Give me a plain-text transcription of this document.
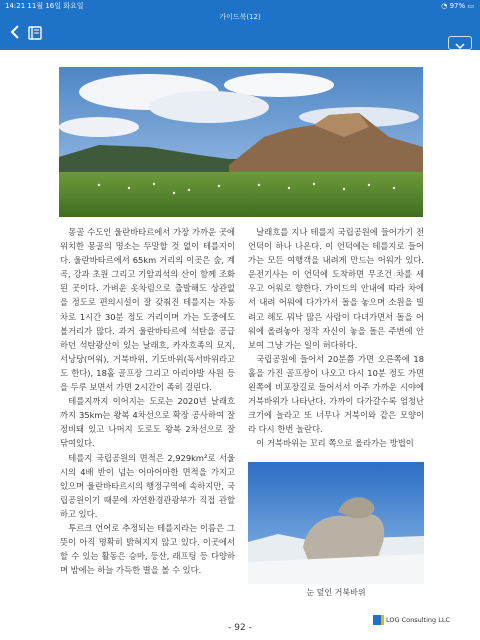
14:21 11월 16일 화요일	◔ 97% ▭
가이드북(12)

몽골 수도인 울란바타르에서 가장 가까운 곳에 위치한 몽골의 명소는 두말할 것 없이 테를지이다. 울란바타르에서 65km 거리의 이곳은 숲, 계곡, 강과 초원 그리고 기암괴석의 산이 함께 조화된 곳이다. 가벼운 옷차림으로 출발해도 상관없을 정도로 편의시설이 잘 갖춰진 테를지는 자동차로 1시간 30분 정도 거리이며 가는 도중에도 볼거리가 많다. 과거 울란바타르에 석탄을 공급하던 석탄광산이 있는 날래흐, 카자흐족의 묘지, 서낭당(어워), 거북바위, 기도바위(독서바위라고도 한다), 18홀 골프장 그리고 아리야발 사원 등을 두루 보면서 가면 2시간이 족히 걸린다.

테를지까지 이어지는 도로는 2020년 날래흐까지 35km는 왕복 4차선으로 확장 공사하여 잘 정비돼 있고 나머지 도로도 왕복 2차선으로 잘 닦여있다.

테를지 국립공원의 면적은 2,929km²로 서울시의 4배 반이 넘는 어마어마한 면적을 가지고 있으며 울란바타르시의 행정구역에 속하지만, 국립공원이기 때문에 자연환경관광부가 직접 관할하고 있다.

투르크 언어로 추정되는 테를지라는 이름은 그 뜻이 아직 명확히 밝혀지지 않고 있다. 이곳에서 할 수 있는 활동은 승마, 등산, 래프팅 등 다양하며 밤에는 하늘 가득한 별을 볼 수 있다.

날래흐를 지나 테를지 국립공원에 들어가기 전 언덕이 하나 나온다. 이 언덕에는 테를지로 들어가는 모든 여행객을 내려게 만드는 어워가 있다. 운전기사는 이 언덕에 도착하면 무조건 차를 세우고 어워로 향한다. 가이드의 안내에 따라 차에서 내려 어워에 다가가서 돌을 놓으며 소원을 빌려고 해도 뭐낙 많은 사람이 다녀가면서 돌을 어워에 올려놓아 정작 자신이 놓을 돌은 주변에 안 보여 그냥 가는 일이 허다하다.

국립공원에 들어서 20분쯤 가면 오른쪽에 18홀을 가진 골프장이 나오고 다시 10분 정도 가면 왼쪽에 비포장길로 들어서서 아주 가까운 시야에 거북바위가 나타난다. 가까이 다가갈수록 엄청난 크기에 놀라고 또 너무나 거북이와 같은 모양이라 다시 한번 놀란다.

이 거북바위는 꼬리 쪽으로 올라가는 방법이

눈 덮인 거북바위
- 92 -
LOG Consulting LLC
